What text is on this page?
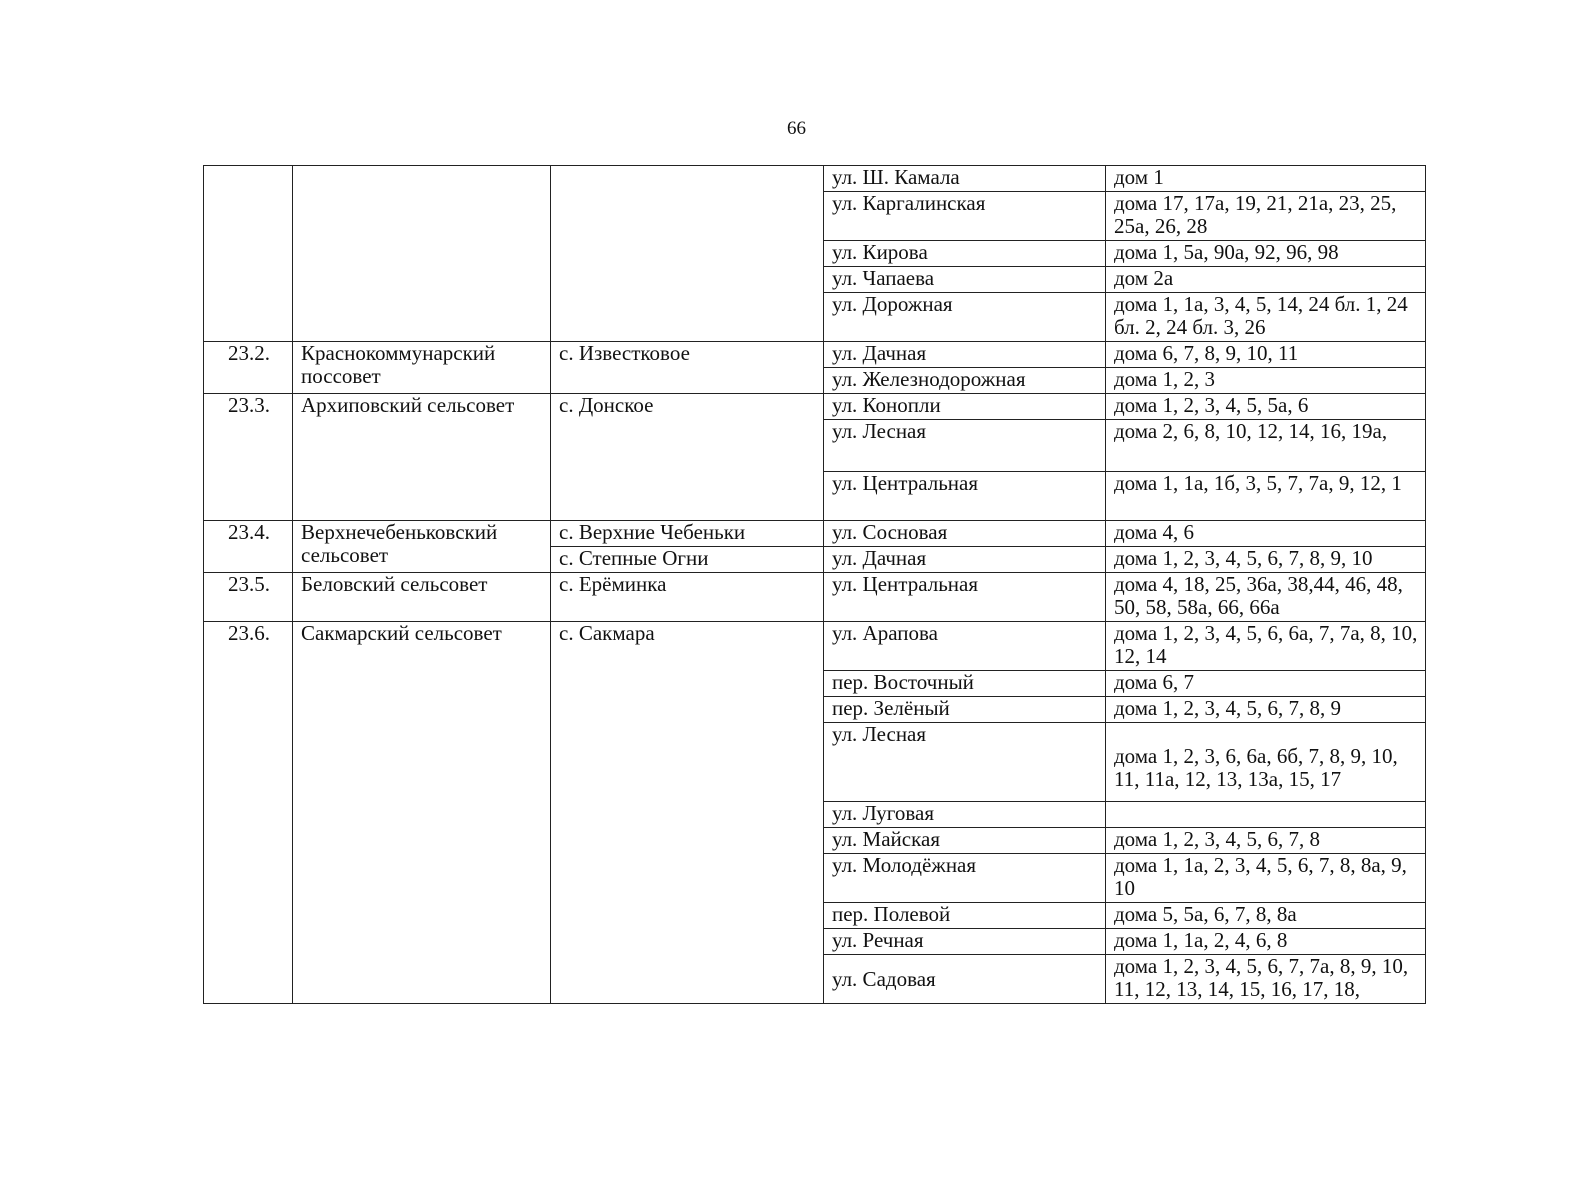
66
			ул. Ш. Камала	дом 1
			ул. Каргалинская	дома 17, 17а, 19, 21, 21а, 23, 25, 25а, 26, 28
			ул. Кирова	дома 1, 5а, 90а, 92, 96, 98
			ул. Чапаева	дом 2а
			ул. Дорожная	дома 1, 1а, 3, 4, 5, 14, 24 бл. 1, 24 бл. 2, 24 бл. 3, 26
23.2.	Краснокоммунарский поссовет	с. Известковое	ул. Дачная	дома 6, 7, 8, 9, 10, 11
			ул. Железнодорожная	дома 1, 2, 3
23.3.	Архиповский сельсовет	с. Донское	ул. Конопли	дома 1, 2, 3, 4, 5, 5а, 6
			ул. Лесная	дома 2, 6, 8, 10, 12, 14, 16, 19а,
			ул. Центральная	дома 1, 1а, 1б, 3, 5, 7, 7а, 9, 12, 1
23.4.	Верхнечебеньковский сельсовет	с. Верхние Чебеньки	ул. Сосновая	дома 4, 6
		с. Степные Огни	ул. Дачная	дома 1, 2, 3, 4, 5, 6, 7, 8, 9, 10
23.5.	Беловский сельсовет	с. Ерёминка	ул. Центральная	дома 4, 18, 25, 36а, 38,44, 46, 48, 50, 58, 58а, 66, 66а
23.6.	Сакмарский сельсовет	с. Сакмара	ул. Арапова	дома 1, 2, 3, 4, 5, 6, 6а, 7, 7а, 8, 10, 12, 14
			пер. Восточный	дома 6, 7
			пер. Зелёный	дома 1, 2, 3, 4, 5, 6, 7, 8, 9
			ул. Лесная	дома 1, 2, 3, 6, 6а, 6б, 7, 8, 9, 10, 11, 11а, 12, 13, 13а, 15, 17
			ул. Луговая	
			ул. Майская	дома 1, 2, 3, 4, 5, 6, 7, 8
			ул. Молодёжная	дома 1, 1а, 2, 3, 4, 5, 6, 7, 8, 8а, 9, 10
			пер. Полевой	дома 5, 5а, 6, 7, 8, 8а
			ул. Речная	дома 1, 1а, 2, 4, 6, 8
			ул. Садовая	дома 1, 2, 3, 4, 5, 6, 7, 7а, 8, 9, 10, 11, 12, 13, 14, 15, 16, 17, 18,
